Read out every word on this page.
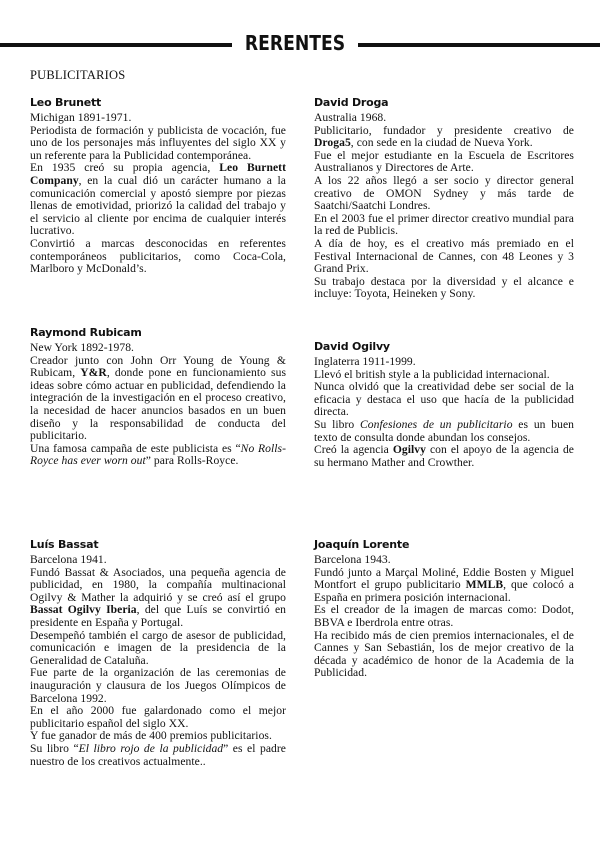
RERENTES
PUBLICITARIOS
Leo Brunett

Michigan 1891-1971.

Periodista de formación y publicista de vocación, fue uno de los personajes más influyentes del siglo XX y un referente para la Publicidad contemporánea.

En 1935 creó su propia agencia, Leo Burnett Company, en la cual dió un carácter humano a la comunicación comercial y apostó siempre por piezas llenas de emotividad, priorizó la calidad del trabajo y el servicio al cliente por encima de cualquier interés lucrativo.

Convirtió a marcas desconocidas en referentes contemporáneos publicitarios, como Coca-Cola, Marlboro y McDonald’s.

David Droga

Australia 1968.

Publicitario, fundador y presidente creativo de Droga5, con sede en la ciudad de Nueva York.

Fue el mejor estudiante en la Escuela de Escritores Australianos y Directores de Arte.

A los 22 años llegó a ser socio y director general creativo de OMON Sydney y más tarde de Saatchi/Saatchi Londres.

En el 2003 fue el primer director creativo mundial para la red de Publicis.

A día de hoy, es el creativo más premiado en el Festival Internacional de Cannes, con 48 Leones y 3 Grand Prix.

Su trabajo destaca por la diversidad y el alcance e incluye: Toyota, Heineken y Sony.

Raymond Rubicam

New York 1892-1978.

Creador junto con John Orr Young de Young & Rubicam, Y&R, donde pone en funcionamiento sus ideas sobre cómo actuar en publicidad, defendiendo la integración de la investigación en el proceso creativo, la necesidad de hacer anuncios basados en un buen diseño y la responsabilidad de conducta del publicitario.

Una famosa campaña de este publicista es “No Rolls-Royce has ever worn out” para Rolls-Royce.

David Ogilvy

Inglaterra 1911-1999.

Llevó el british style a la publicidad internacional.

Nunca olvidó que la creatividad debe ser social de la eficacia y destaca el uso que hacía de la publicidad directa.

Su libro Confesiones de un publicitario es un buen texto de consulta donde abundan los consejos.

Creó la agencia Ogilvy con el apoyo de la agencia de su hermano Mather and Crowther.

Luís Bassat

Barcelona 1941.

Fundó Bassat & Asociados, una pequeña agencia de publicidad, en 1980, la compañía multinacional Ogilvy & Mather la adquirió y se creó así el grupo Bassat Ogilvy Iberia, del que Luís se convirtió en presidente en España y Portugal.

Desempeñó también el cargo de asesor de publicidad, comunicación e imagen de la presidencia de la Generalidad de Cataluña.

Fue parte de la organización de las ceremonias de inauguración y clausura de los Juegos Olímpicos de Barcelona 1992.

En el año 2000 fue galardonado como el mejor publicitario español del siglo XX.

Y fue ganador de más de 400 premios publicitarios.

Su libro “El libro rojo de la publicidad” es el padre nuestro de los creativos actualmente..

Joaquín Lorente

Barcelona 1943.

Fundó junto a Marçal Moliné, Eddie Bosten y Miguel Montfort el grupo publicitario MMLB, que colocó a España en primera posición internacional.

Es el creador de la imagen de marcas como: Dodot, BBVA e Iberdrola entre otras.

Ha recibido más de cien premios internacionales, el de Cannes y San Sebastián, los de mejor creativo de la década y académico de honor de la Academia de la Publicidad.
